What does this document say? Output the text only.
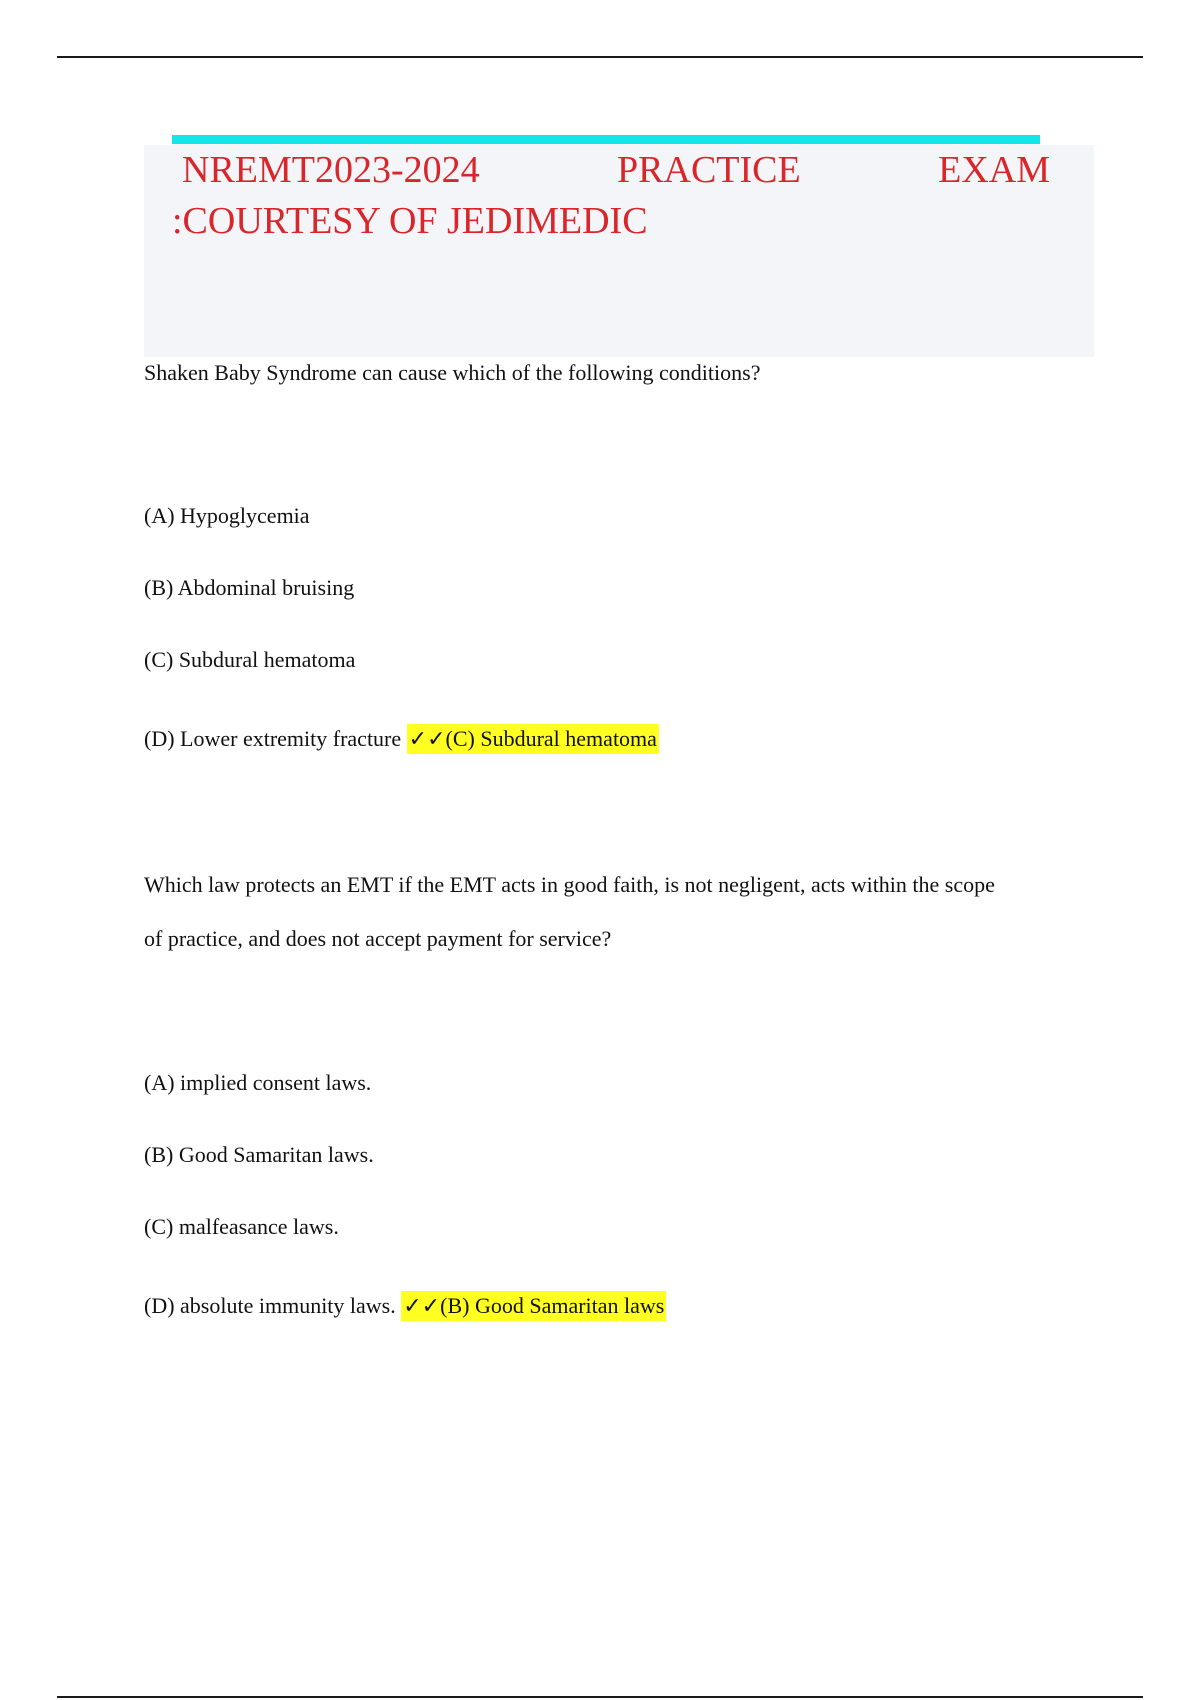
NREMT2023-2024	PRACTICE	EXAM
:COURTESY OF JEDIMEDIC
Shaken Baby Syndrome can cause which of the following conditions?
(A) Hypoglycemia
(B) Abdominal bruising
(C) Subdural hematoma
(D) Lower extremity fracture ✓✓(C) Subdural hematoma
Which law protects an EMT if the EMT acts in good faith, is not negligent, acts within the scope
of practice, and does not accept payment for service?
(A) implied consent laws.
(B) Good Samaritan laws.
(C) malfeasance laws.
(D) absolute immunity laws. ✓✓(B) Good Samaritan laws
